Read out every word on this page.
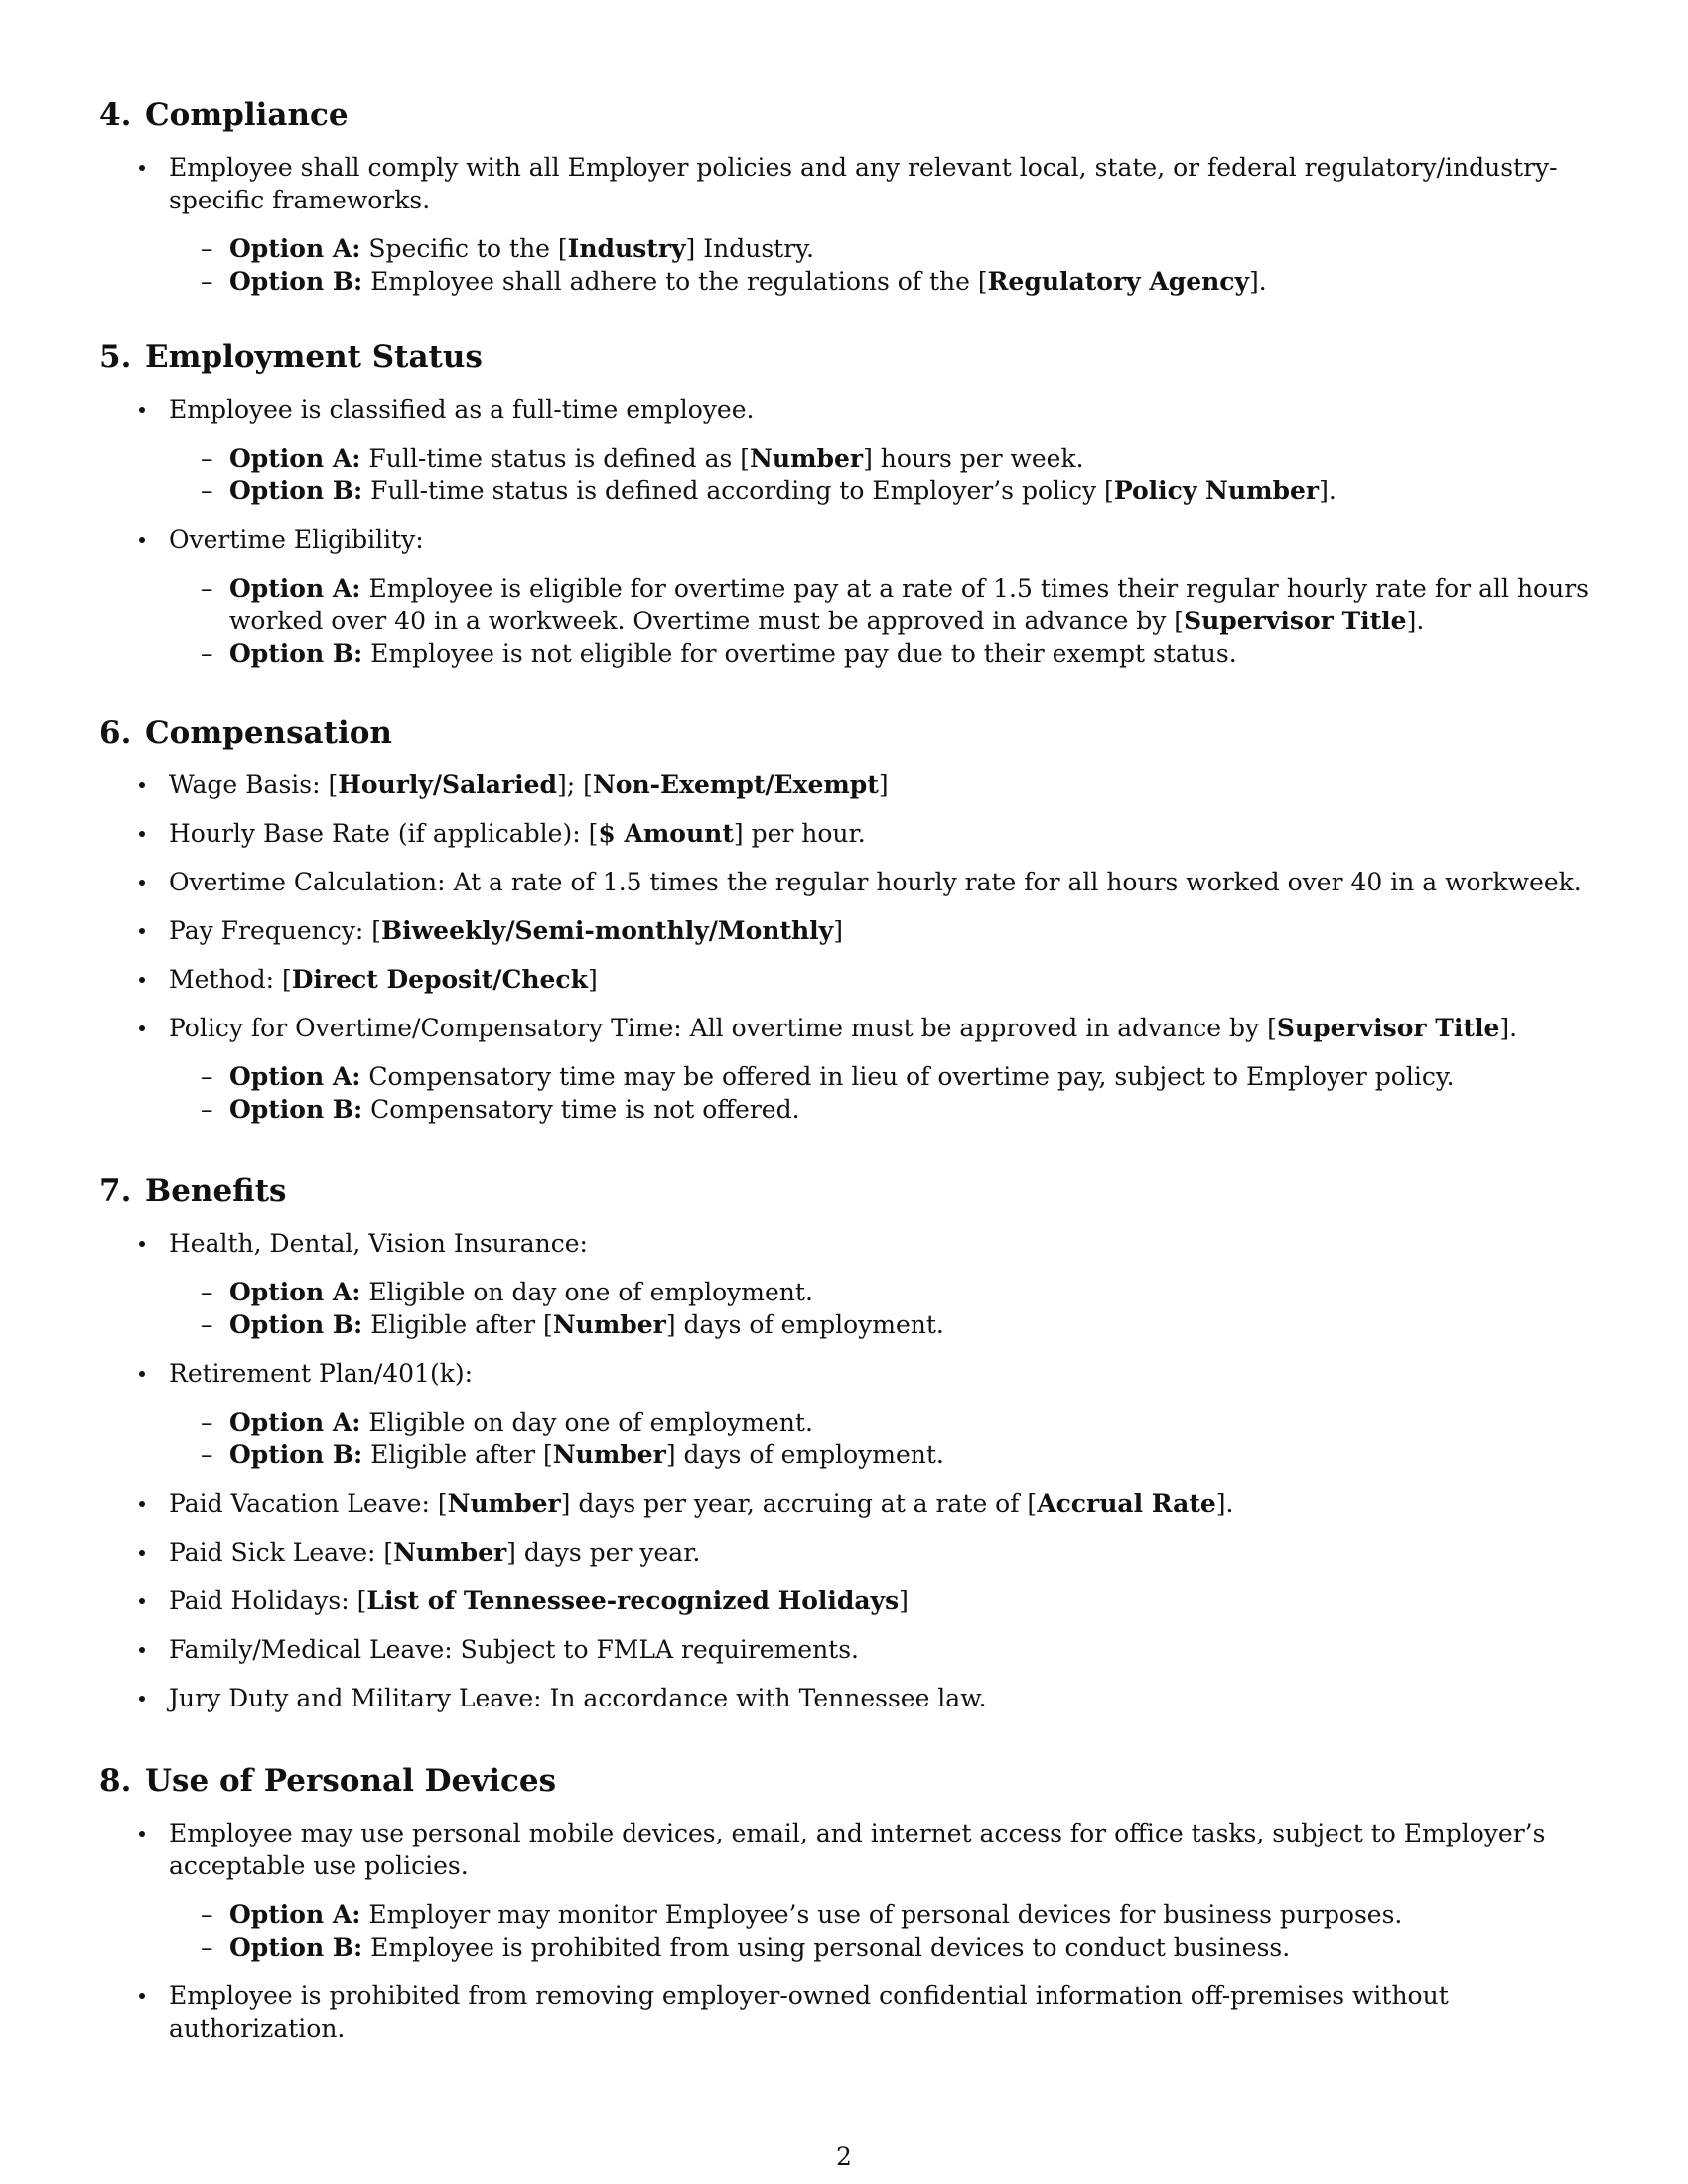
4. Compliance
Employee shall comply with all Employer policies and any relevant local, state, or federal regulatory/industry-specific frameworks.
– Option A: Specific to the [Industry] Industry.
– Option B: Employee shall adhere to the regulations of the [Regulatory Agency].
5. Employment Status
Employee is classified as a full-time employee.
– Option A: Full-time status is defined as [Number] hours per week.
– Option B: Full-time status is defined according to Employer’s policy [Policy Number].
Overtime Eligibility:
– Option A: Employee is eligible for overtime pay at a rate of 1.5 times their regular hourly rate for all hours worked over 40 in a workweek. Overtime must be approved in advance by [Supervisor Title].
– Option B: Employee is not eligible for overtime pay due to their exempt status.
6. Compensation
Wage Basis: [Hourly/Salaried]; [Non-Exempt/Exempt]
Hourly Base Rate (if applicable): [$ Amount] per hour.
Overtime Calculation: At a rate of 1.5 times the regular hourly rate for all hours worked over 40 in a workweek.
Pay Frequency: [Biweekly/Semi-monthly/Monthly]
Method: [Direct Deposit/Check]
Policy for Overtime/Compensatory Time: All overtime must be approved in advance by [Supervisor Title].
– Option A: Compensatory time may be offered in lieu of overtime pay, subject to Employer policy.
– Option B: Compensatory time is not offered.
7. Benefits
Health, Dental, Vision Insurance:
– Option A: Eligible on day one of employment.
– Option B: Eligible after [Number] days of employment.
Retirement Plan/401(k):
– Option A: Eligible on day one of employment.
– Option B: Eligible after [Number] days of employment.
Paid Vacation Leave: [Number] days per year, accruing at a rate of [Accrual Rate].
Paid Sick Leave: [Number] days per year.
Paid Holidays: [List of Tennessee-recognized Holidays]
Family/Medical Leave: Subject to FMLA requirements.
Jury Duty and Military Leave: In accordance with Tennessee law.
8. Use of Personal Devices
Employee may use personal mobile devices, email, and internet access for office tasks, subject to Employer’s acceptable use policies.
– Option A: Employer may monitor Employee’s use of personal devices for business purposes.
– Option B: Employee is prohibited from using personal devices to conduct business.
Employee is prohibited from removing employer-owned confidential information off-premises without authorization.
2
